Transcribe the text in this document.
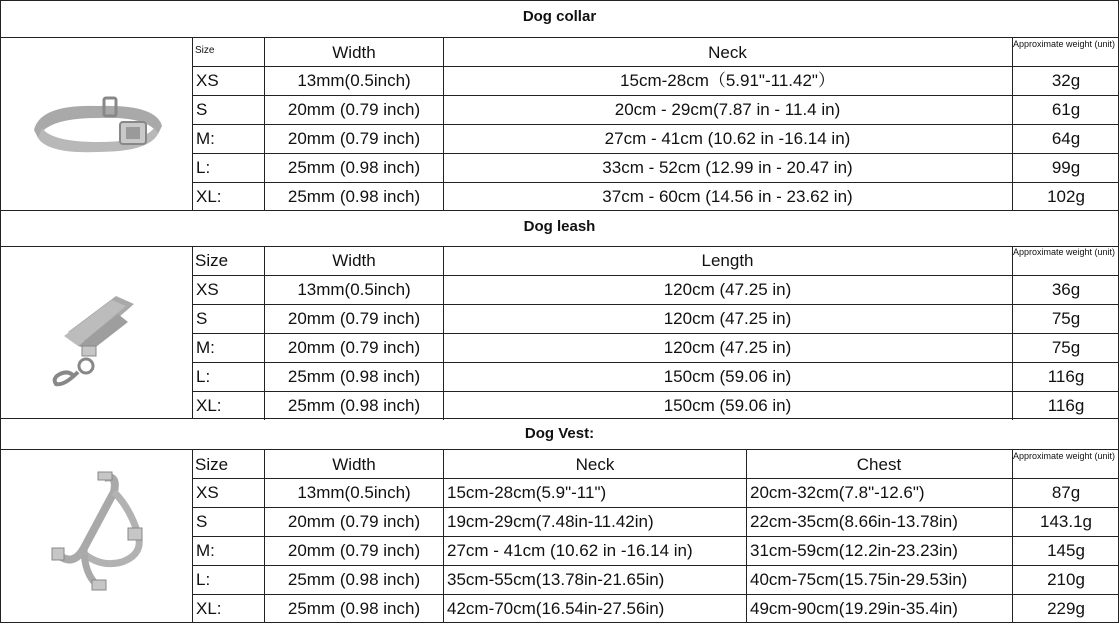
Dog collar
Size	Width	Neck	Approximate weight (unit)
XS	13mm(0.5inch)	15cm-28cm（5.91"-11.42"）	32g
S	20mm (0.79 inch)	20cm - 29cm(7.87 in - 11.4 in)	61g
M:	20mm (0.79 inch)	27cm - 41cm (10.62 in -16.14 in)	64g
L:	25mm (0.98 inch)	33cm - 52cm (12.99 in - 20.47 in)	99g
XL:	25mm (0.98 inch)	37cm - 60cm (14.56 in - 23.62 in)	102g
Dog leash
Size	Width	Length	Approximate weight (unit)
XS	13mm(0.5inch)	120cm (47.25 in)	36g
S	20mm (0.79 inch)	120cm (47.25 in)	75g
M:	20mm (0.79 inch)	120cm (47.25 in)	75g
L:	25mm (0.98 inch)	150cm (59.06 in)	116g
XL:	25mm (0.98 inch)	150cm (59.06 in)	116g
Dog Vest:
Size	Width	Neck	Chest	Approximate weight (unit)
XS	13mm(0.5inch)	15cm-28cm(5.9"-11")	20cm-32cm(7.8"-12.6")	87g
S	20mm (0.79 inch)	19cm-29cm(7.48in-11.42in)	22cm-35cm(8.66in-13.78in)	143.1g
M:	20mm (0.79 inch)	27cm - 41cm (10.62 in -16.14 in)	31cm-59cm(12.2in-23.23in)	145g
L:	25mm (0.98 inch)	35cm-55cm(13.78in-21.65in)	40cm-75cm(15.75in-29.53in)	210g
XL:	25mm (0.98 inch)	42cm-70cm(16.54in-27.56in)	49cm-90cm(19.29in-35.4in)	229g
